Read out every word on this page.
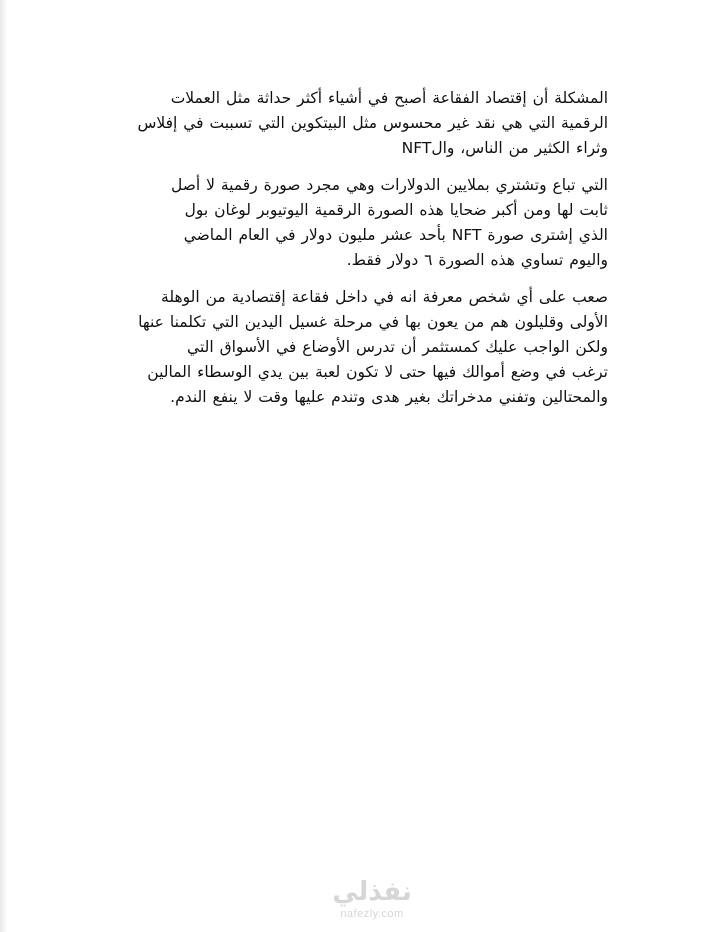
المشكلة أن إقتصاد الفقاعة أصبح في أشياء أكثر حداثة مثل العملات
الرقمية التي هي نقد غير محسوس مثل البيتكوين التي تسببت في إفلاس
وثراء الكثير من الناس، والNFT

التي تباع وتشتري بملايين الدولارات وهي مجرد صورة رقمية لا أصل
ثابت لها ومن أكبر ضحايا هذه الصورة الرقمية اليوتيوبر لوغان بول
الذي إشترى صورة NFT بأحد عشر مليون دولار في العام الماضي
واليوم تساوي هذه الصورة ٦ دولار فقط.

صعب على أي شخص معرفة انه في داخل فقاعة إقتصادية من الوهلة
الأولى وقليلون هم من يعون بها في مرحلة غسيل اليدين التي تكلمنا عنها
ولكن الواجب عليك كمستثمر أن تدرس الأوضاع في الأسواق التي
ترغب في وضع أموالك فيها حتى لا تكون لعبة بين يدي الوسطاء المالين
والمحتالين وتفني مدخراتك بغير هدى وتندم عليها وقت لا ينفع الندم.

نفذلي
nafezly.com
